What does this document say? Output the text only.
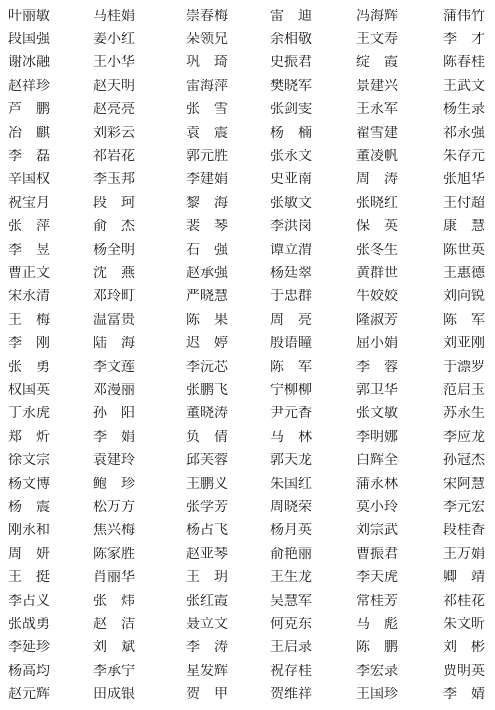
叶丽敏	马桂娟	崇春梅	雷　迪	冯海辉	蒲伟竹
段国强	姜小红	朵领兄	余相敬	王文寿	李　才
谢冰融	王小华	巩　琦	史振君	绽　霞	陈春桂
赵祥珍	赵天明	雷海萍	樊晓军	景建兴	王武文
芦　鹏	赵亮亮	张　雪	张剑雯	王永军	杨生录
冶　麒	刘彩云	袁　震	杨　楠	翟雪建	祁永强
李　磊	祁岩花	郭元胜	张永文	董凌帆	朱存元
辛国权	李玉邦	李建娟	史亚南	周　涛	张旭华
祝宝月	段　珂	黎　海	张敏文	张晓红	王付超
张　萍	俞　杰	裴　琴	李洪岗	保　英	康　慧
李　昱	杨全明	石　强	谭立渭	张冬生	陈世英
曹正文	沈　燕	赵承强	杨廷翠	黄群世	王惠德
宋永清	邓玲町	严晓慧	于忠群	牛姣姣	刘向锐
王　梅	温富贵	陈　果	周　亮	隆淑芳	陈　军
李　刚	陆　海	迟　婷	殷语瞳	屈小娟	刘亚刚
张　勇	李文莲	李沅芯	陈　军	李　蓉	于漂罗
权国英	邓漫丽	张鹏飞	宁柳柳	郭卫华	范启玉
丁永虎	孙　阳	董晓涛	尹元香	张文敏	苏永生
郑　炘	李　娟	负　倩	马　林	李明娜	李应龙
徐文宗	袁建玲	邱芙蓉	郭天龙	白辉全	孙冠杰
杨文博	鲍　珍	王鹏义	朱国红	蒲永林	宋阿慧
杨　震	松万方	张学芳	周晓荣	莫小玲	李元宏
刚永和	焦兴梅	杨占飞	杨月英	刘宗武	段桂香
周　妍	陈家胜	赵亚琴	俞艳丽	曹振君	王万娟
王　挺	肖丽华	王　玥	王生龙	李天虎	卿　靖
李占义	张　炜	张红霞	吴慧军	常桂芳	祁桂花
张战勇	赵　洁	聂立文	何克东	马　彪	朱文昕
李延珍	刘　斌	李　涛	王启录	陈　鹏	刘　彬
杨高均	李承宁	星发辉	祝存桂	李宏录	贾明英
赵元辉	田成银	贺　甲	贺维祥	王国珍	李　婧
